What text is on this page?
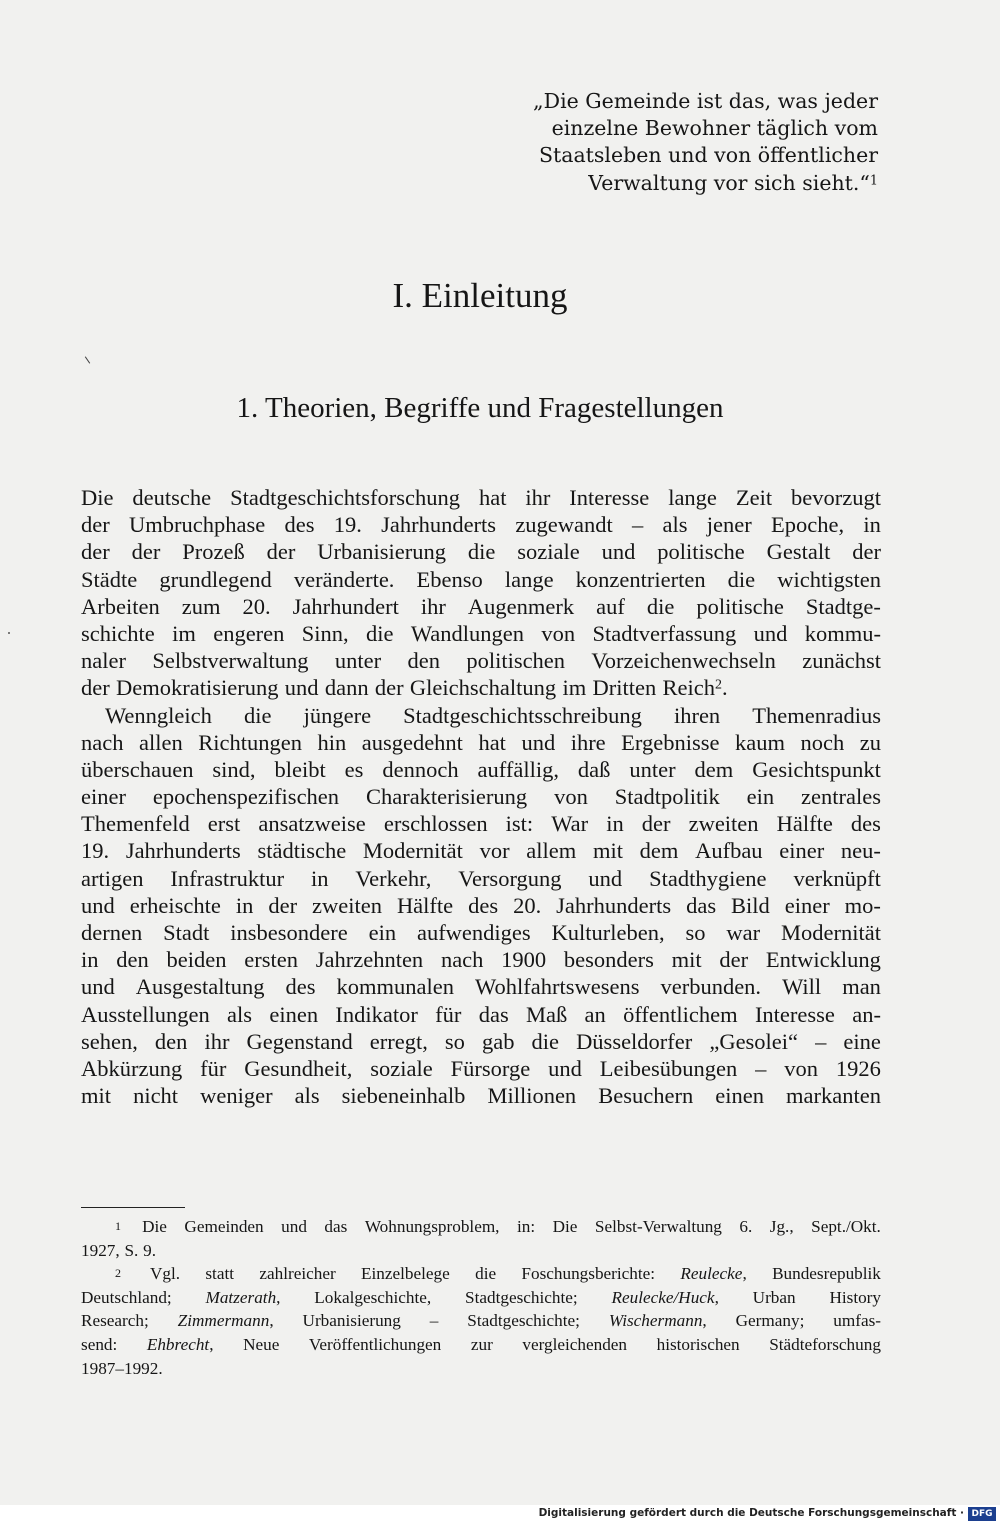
„Die Gemeinde ist das, was jeder
einzelne Bewohner täglich vom
Staatsleben und von öffentlicher
Verwaltung vor sich sieht.“$^1$
I. Einleitung
1. Theorien, Begriffe und Fragestellungen
Die deutsche Stadtgeschichtsforschung hat ihr Interesse lange Zeit bevorzugt
der Umbruchphase des 19. Jahrhunderts zugewandt – als jener Epoche, in
der der Prozeß der Urbanisierung die soziale und politische Gestalt der
Städte grundlegend veränderte. Ebenso lange konzentrierten die wichtigsten
Arbeiten zum 20. Jahrhundert ihr Augenmerk auf die politische Stadtge-
schichte im engeren Sinn, die Wandlungen von Stadtverfassung und kommu-
naler Selbstverwaltung unter den politischen Vorzeichenwechseln zunächst
der Demokratisierung und dann der Gleichschaltung im Dritten Reich$^2$.
Wenngleich die jüngere Stadtgeschichtsschreibung ihren Themenradius
nach allen Richtungen hin ausgedehnt hat und ihre Ergebnisse kaum noch zu
überschauen sind, bleibt es dennoch auffällig, daß unter dem Gesichtspunkt
einer epochenspezifischen Charakterisierung von Stadtpolitik ein zentrales
Themenfeld erst ansatzweise erschlossen ist: War in der zweiten Hälfte des
19. Jahrhunderts städtische Modernität vor allem mit dem Aufbau einer neu-
artigen Infrastruktur in Verkehr, Versorgung und Stadthygiene verknüpft
und erheischte in der zweiten Hälfte des 20. Jahrhunderts das Bild einer mo-
dernen Stadt insbesondere ein aufwendiges Kulturleben, so war Modernität
in den beiden ersten Jahrzehnten nach 1900 besonders mit der Entwicklung
und Ausgestaltung des kommunalen Wohlfahrtswesens verbunden. Will man
Ausstellungen als einen Indikator für das Maß an öffentlichem Interesse an-
sehen, den ihr Gegenstand erregt, so gab die Düsseldorfer „Gesolei“ – eine
Abkürzung für Gesundheit, soziale Fürsorge und Leibesübungen – von 1926
mit nicht weniger als siebeneinhalb Millionen Besuchern einen markanten
1 Die Gemeinden und das Wohnungsproblem, in: Die Selbst-Verwaltung 6. Jg., Sept./Okt.
1927, S. 9.
2 Vgl. statt zahlreicher Einzelbelege die Foschungsberichte: Reulecke, Bundesrepublik
Deutschland; Matzerath, Lokalgeschichte, Stadtgeschichte; Reulecke/Huck, Urban History
Research; Zimmermann, Urbanisierung – Stadtgeschichte; Wischermann, Germany; umfas-
send: Ehbrecht, Neue Veröffentlichungen zur vergleichenden historischen Städteforschung
1987–1992.
Digitalisierung gefördert durch die Deutsche Forschungsgemeinschaft · DFG
